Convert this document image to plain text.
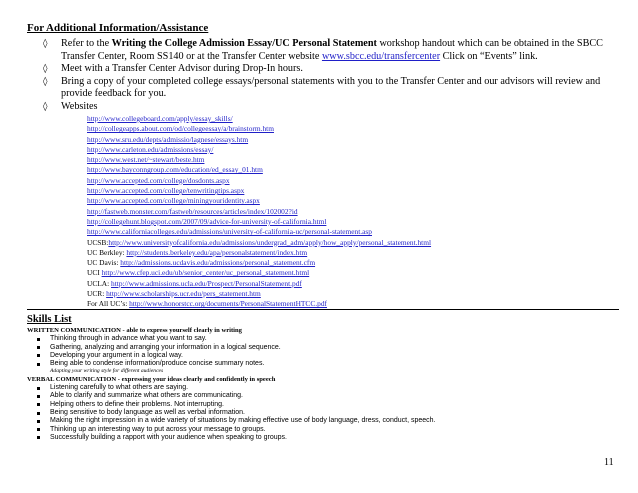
For Additional Information/Assistance
◊ Refer to the Writing the College Admission Essay/UC Personal Statement workshop handout which can be obtained in the SBCC Transfer Center, Room SS140 or at the Transfer Center website www.sbcc.edu/transfercenter Click on “Events” link.
◊ Meet with a Transfer Center Advisor during Drop-In hours.
◊ Bring a copy of your completed college essays/personal statements with you to the Transfer Center and our advisors will review and provide feedback for you.
◊ Websites
http://www.collegeboard.com/apply/essay_skills/
http://collegeapps.about.com/od/collegeessay/a/brainstorm.htm
http://www.sru.edu/depts/admissio/lagnese/essays.htm
http://www.carleton.edu/admissions/essay/
http://www.west.net/~stewart/beste.htm
http://www.bayconngroup.com/education/ed_essay_01.htm
http://www.accepted.com/college/dosdonts.aspx
http://www.accepted.com/college/tenwritingtips.aspx
http://www.accepted.com/college/miningyouridentity.aspx
http://fastweb.monster.com/fastweb/resources/articles/index/102002?id
http://collegehunt.blogspot.com/2007/09/advice-for-university-of-california.html
http://www.californiacolleges.edu/admissions/university-of-california-uc/personal-statement.asp
UCSB:http://www.universityofcalifornia.edu/admissions/undergrad_adm/apply/how_apply/personal_statement.html
UC Berkley: http://students.berkeley.edu/apa/personalstatement/index.htm
UC Davis: http://admissions.ucdavis.edu/admissions/personal_statement.cfm
UCI http://www.cfep.uci.edu/ub/senior_center/uc_personal_statement.html
UCLA: http://www.admissions.ucla.edu/Prospect/PersonalStatement.pdf
UCR: http://www.scholarships.ucr.edu/pers_statement.htm
For All UC’s: http://www.honorstcc.org/documents/PersonalStatementHTCC.pdf
Skills List
WRITTEN COMMUNICATION - able to express yourself clearly in writing
Thinking through in advance what you want to say.
Gathering, analyzing and arranging your information in a logical sequence.
Developing your argument in a logical way.
Being able to condense information/produce concise summary notes.
Adapting your writing style for different audiences
VERBAL COMMUNICATION - expressing your ideas clearly and confidently in speech
Listening carefully to what others are saying.
Able to clarify and summarize what others are communicating.
Helping others to define their problems. Not interrupting.
Being sensitive to body language as well as verbal information.
Making the right impression in a wide variety of situations by making effective use of body language, dress, conduct, speech.
Thinking up an interesting way to put across your message to groups.
Successfully building a rapport with your audience when speaking to groups.
11
